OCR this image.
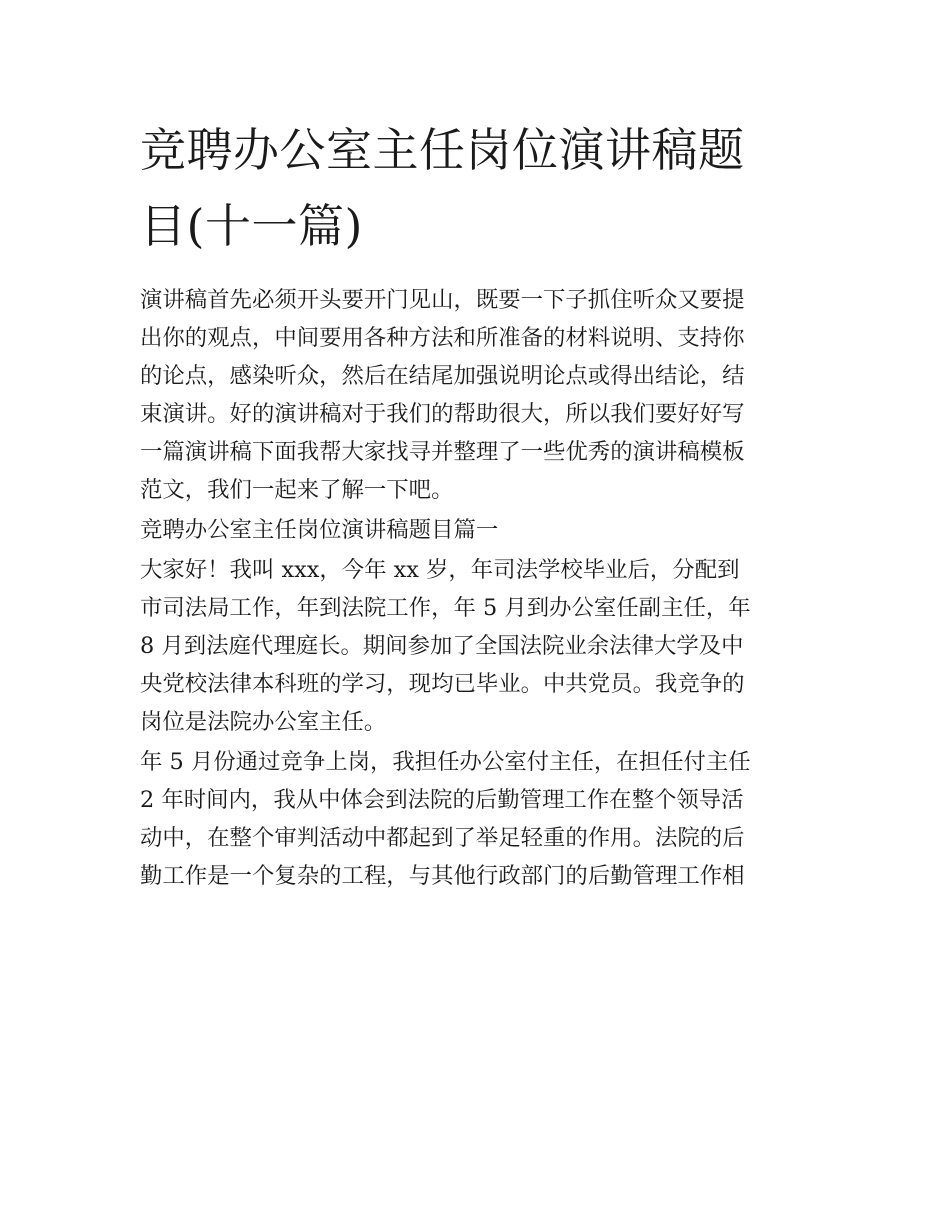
竞聘办公室主任岗位演讲稿题
目(十一篇)
演讲稿首先必须开头要开门见山，既要一下子抓住听众又要提
出你的观点，中间要用各种方法和所准备的材料说明、支持你
的论点，感染听众，然后在结尾加强说明论点或得出结论，结
束演讲。好的演讲稿对于我们的帮助很大，所以我们要好好写
一篇演讲稿下面我帮大家找寻并整理了一些优秀的演讲稿模板
范文，我们一起来了解一下吧。
竞聘办公室主任岗位演讲稿题目篇一
大家好！我叫 xxx，今年 xx 岁，年司法学校毕业后，分配到
市司法局工作，年到法院工作，年 5 月到办公室任副主任，年
8 月到法庭代理庭长。期间参加了全国法院业余法律大学及中
央党校法律本科班的学习，现均已毕业。中共党员。我竞争的
岗位是法院办公室主任。
年 5 月份通过竞争上岗，我担任办公室付主任，在担任付主任
2 年时间内，我从中体会到法院的后勤管理工作在整个领导活
动中，在整个审判活动中都起到了举足轻重的作用。法院的后
勤工作是一个复杂的工程，与其他行政部门的后勤管理工作相
